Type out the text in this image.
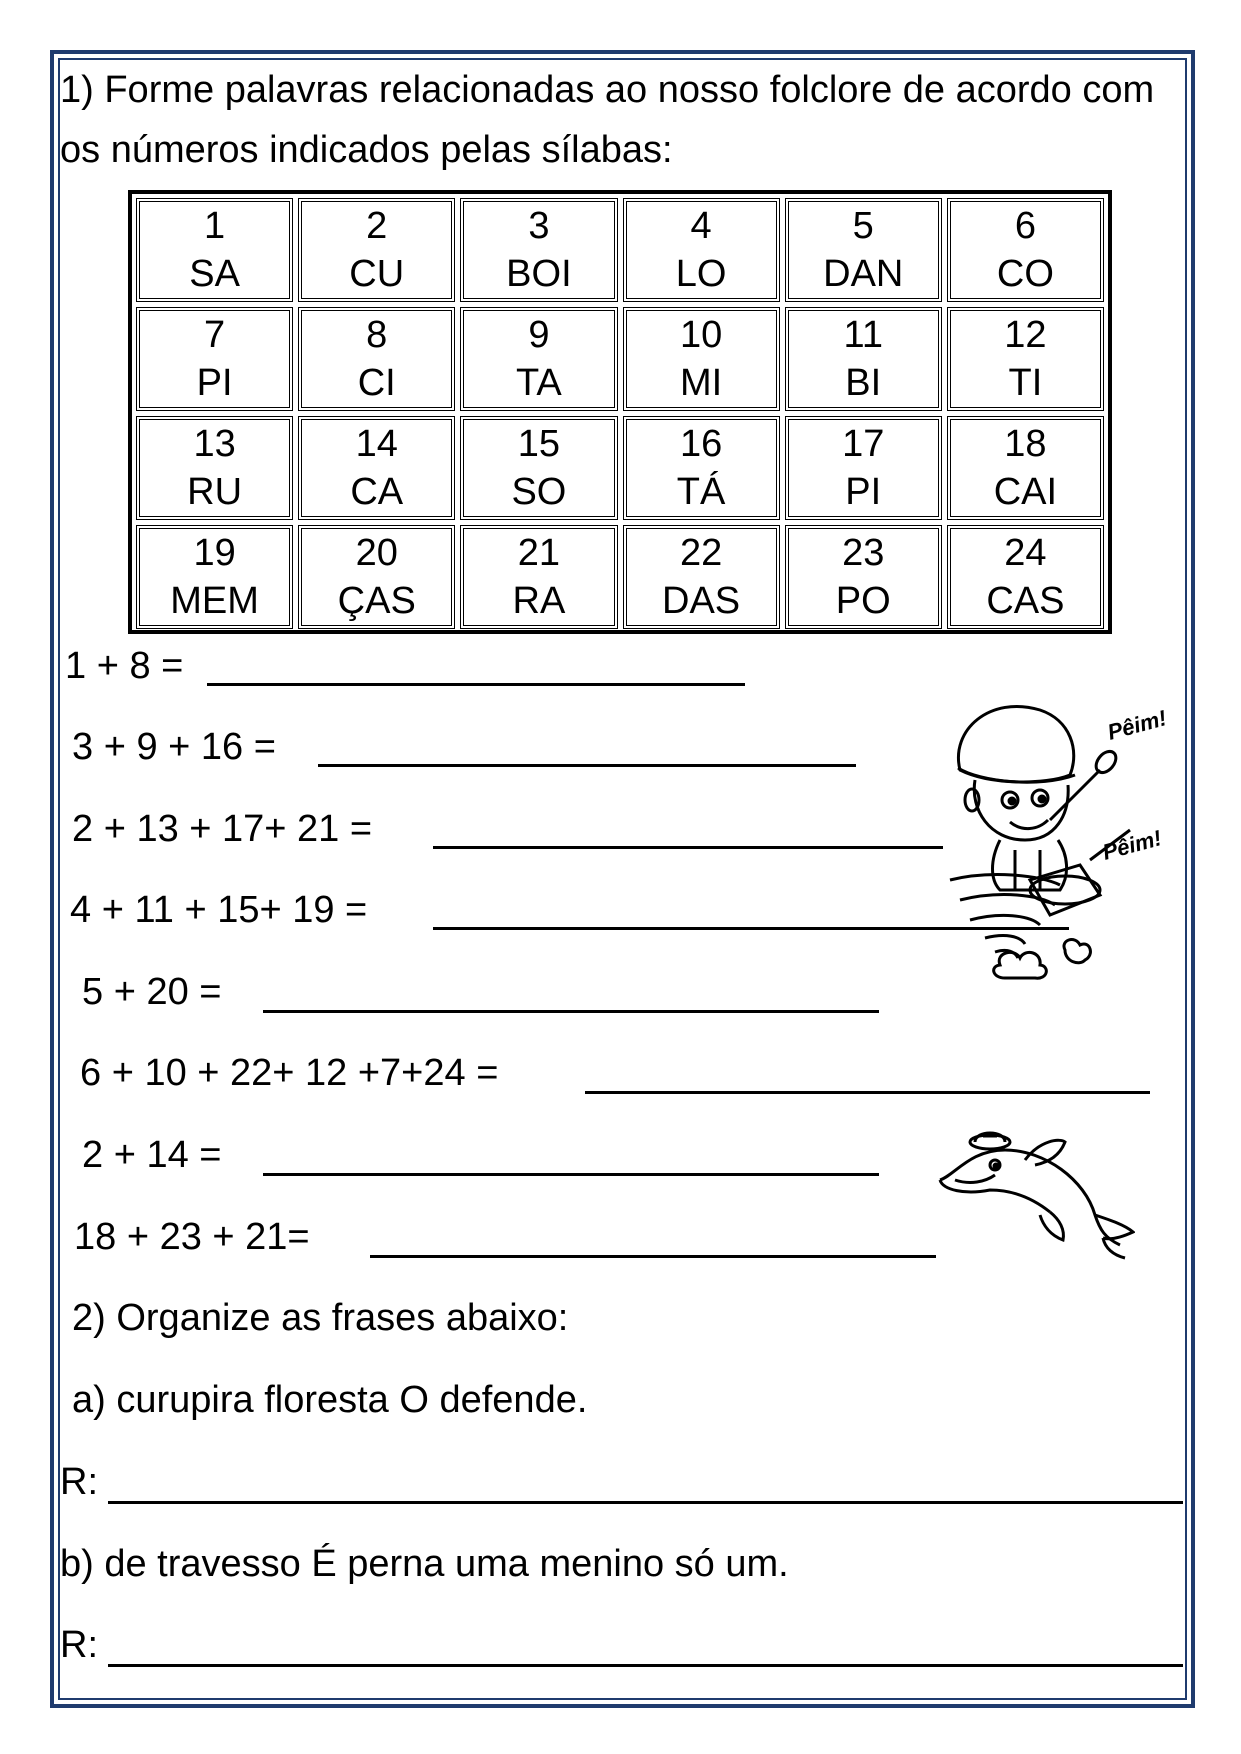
1) Forme palavras relacionadas ao nosso folclore de acordo com os números indicados pelas sílabas:

1
SA
2
CU
3
BOI
4
LO
5
DAN
6
CO
7
PI
8
CI
9
TA
10
MI
11
BI
12
TI
13
RU
14
CA
15
SO
16
TÁ
17
PI
18
CAI
19
MEM
20
ÇAS
21
RA
22
DAS
23
PO
24
CAS
1 + 8 =
3 + 9 + 16 =
2 + 13 + 17+ 21 =
4 + 11 + 15+ 19 =
5 + 20 =
6 + 10 + 22+ 12 +7+24 =
2 + 14 =
18 + 23 + 21=
2) Organize as frases abaixo:
a) curupira floresta O defende.
R:
b) de travesso É perna uma menino só um.
R:
Pêim!
Pêim!
